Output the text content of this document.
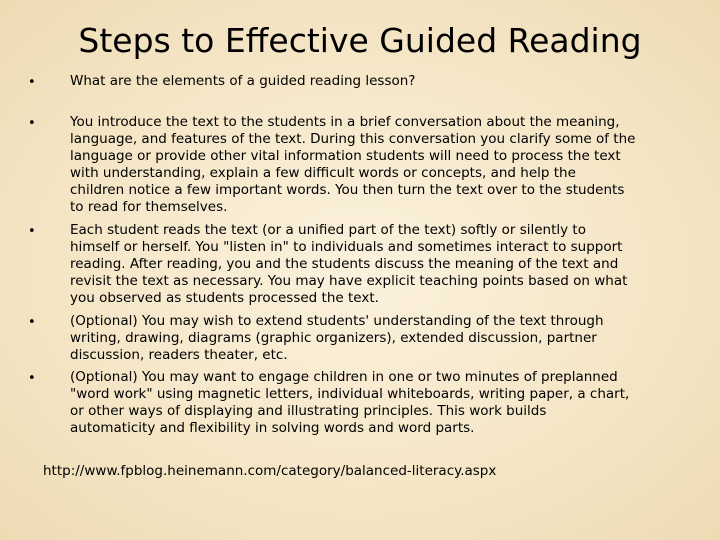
Steps to Effective Guided Reading
•	What are the elements of a guided reading lesson?

•	You introduce the text to the students in a brief conversation about the meaning,
language, and features of the text. During this conversation you clarify some of the
language or provide other vital information students will need to process the text
with understanding, explain a few difficult words or concepts, and help the
children notice a few important words. You then turn the text over to the students
to read for themselves.

•	Each student reads the text (or a unified part of the text) softly or silently to
himself or herself. You "listen in" to individuals and sometimes interact to support
reading. After reading, you and the students discuss the meaning of the text and
revisit the text as necessary. You may have explicit teaching points based on what
you observed as students processed the text.

•	(Optional) You may wish to extend students' understanding of the text through
writing, drawing, diagrams (graphic organizers), extended discussion, partner
discussion, readers theater, etc.

•	(Optional) You may want to engage children in one or two minutes of preplanned
"word work" using magnetic letters, individual whiteboards, writing paper, a chart,
or other ways of displaying and illustrating principles. This work builds
automaticity and flexibility in solving words and word parts.

http://www.fpblog.heinemann.com/category/balanced-literacy.aspx
